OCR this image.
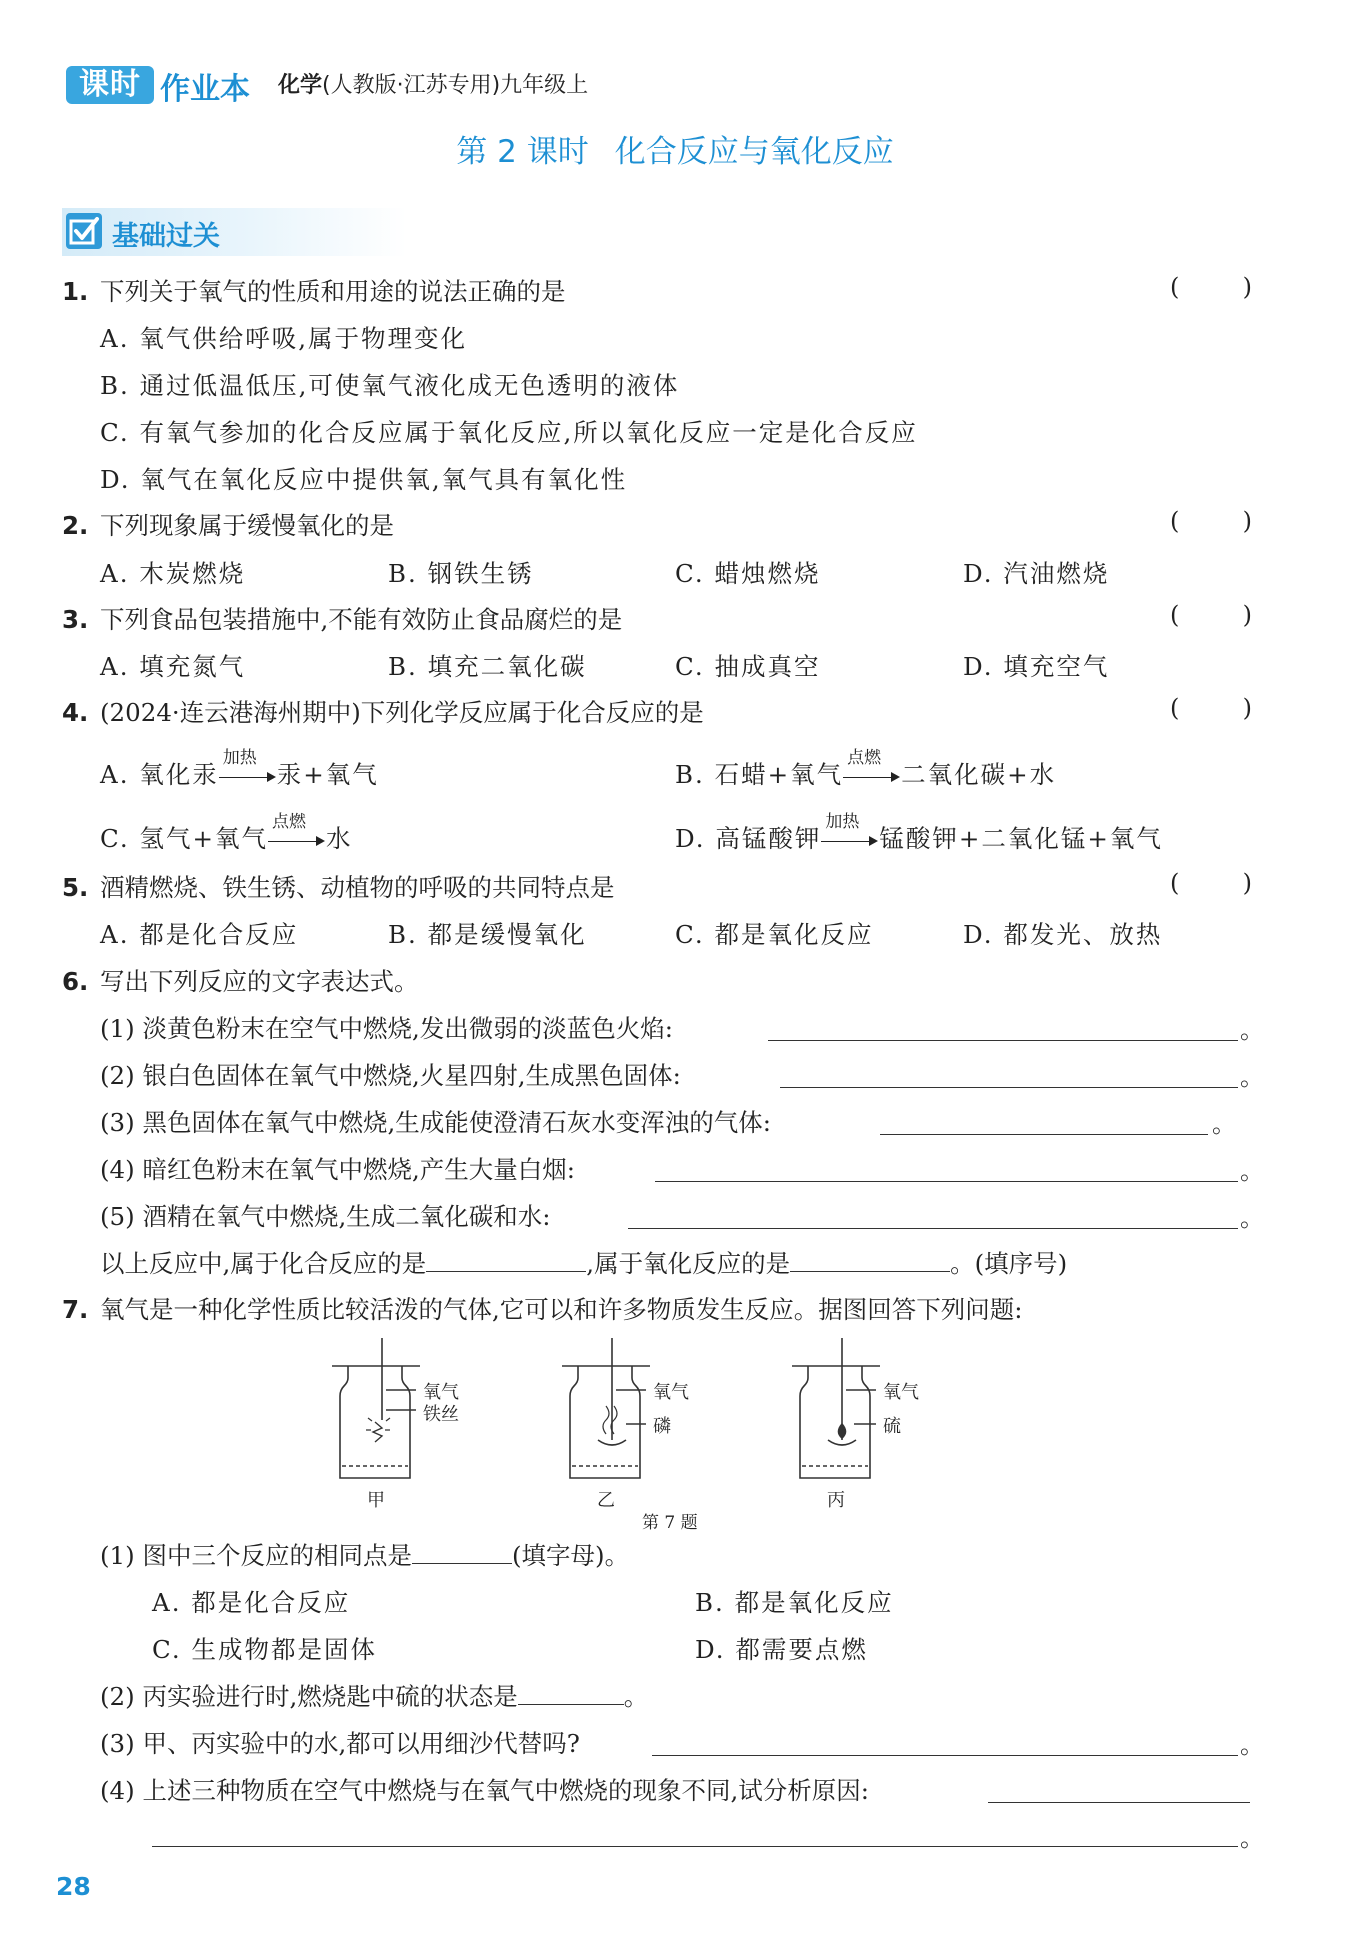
课时 作业本 化学(人教版·江苏专用)九年级上
第 2 课时 化合反应与氧化反应
基础过关
1. 下列关于氧气的性质和用途的说法正确的是	(	)
A. 氧气供给呼吸,属于物理变化
B. 通过低温低压,可使氧气液化成无色透明的液体
C. 有氧气参加的化合反应属于氧化反应,所以氧化反应一定是化合反应
D. 氧气在氧化反应中提供氧,氧气具有氧化性
2. 下列现象属于缓慢氧化的是	(	)
A. 木炭燃烧	B. 钢铁生锈	C. 蜡烛燃烧	D. 汽油燃烧
3. 下列食品包装措施中,不能有效防止食品腐烂的是	(	)
A. 填充氮气	B. 填充二氧化碳	C. 抽成真空	D. 填充空气
4. (2024·连云港海州期中)下列化学反应属于化合反应的是	(	)
A. 氧化汞
加热
汞+氧气	B. 石蜡+氧气
点燃
二氧化碳+水
C. 氢气+氧气
点燃
水	D. 高锰酸钾
加热
锰酸钾+二氧化锰+氧气
5. 酒精燃烧、铁生锈、动植物的呼吸的共同特点是	(	)
A. 都是化合反应	B. 都是缓慢氧化	C. 都是氧化反应	D. 都发光、放热
6. 写出下列反应的文字表达式。
(1) 淡黄色粉末在空气中燃烧,发出微弱的淡蓝色火焰:	。
(2) 银白色固体在氧气中燃烧,火星四射,生成黑色固体:	。
(3) 黑色固体在氧气中燃烧,生成能使澄清石灰水变浑浊的气体:	。
(4) 暗红色粉末在氧气中燃烧,产生大量白烟:	。
(5) 酒精在氧气中燃烧,生成二氧化碳和水:	。
以上反应中,属于化合反应的是	,属于氧化反应的是	。(填序号)
7. 氧气是一种化学性质比较活泼的气体,它可以和许多物质发生反应。据图回答下列问题:
氧气
铁丝
甲
氧气
磷
乙
氧气
硫
丙
第 7 题
(1) 图中三个反应的相同点是	(填字母)。
A. 都是化合反应	B. 都是氧化反应
C. 生成物都是固体	D. 都需要点燃
(2) 丙实验进行时,燃烧匙中硫的状态是	。
(3) 甲、丙实验中的水,都可以用细沙代替吗?	。
(4) 上述三种物质在空气中燃烧与在氧气中燃烧的现象不同,试分析原因:
。
28
